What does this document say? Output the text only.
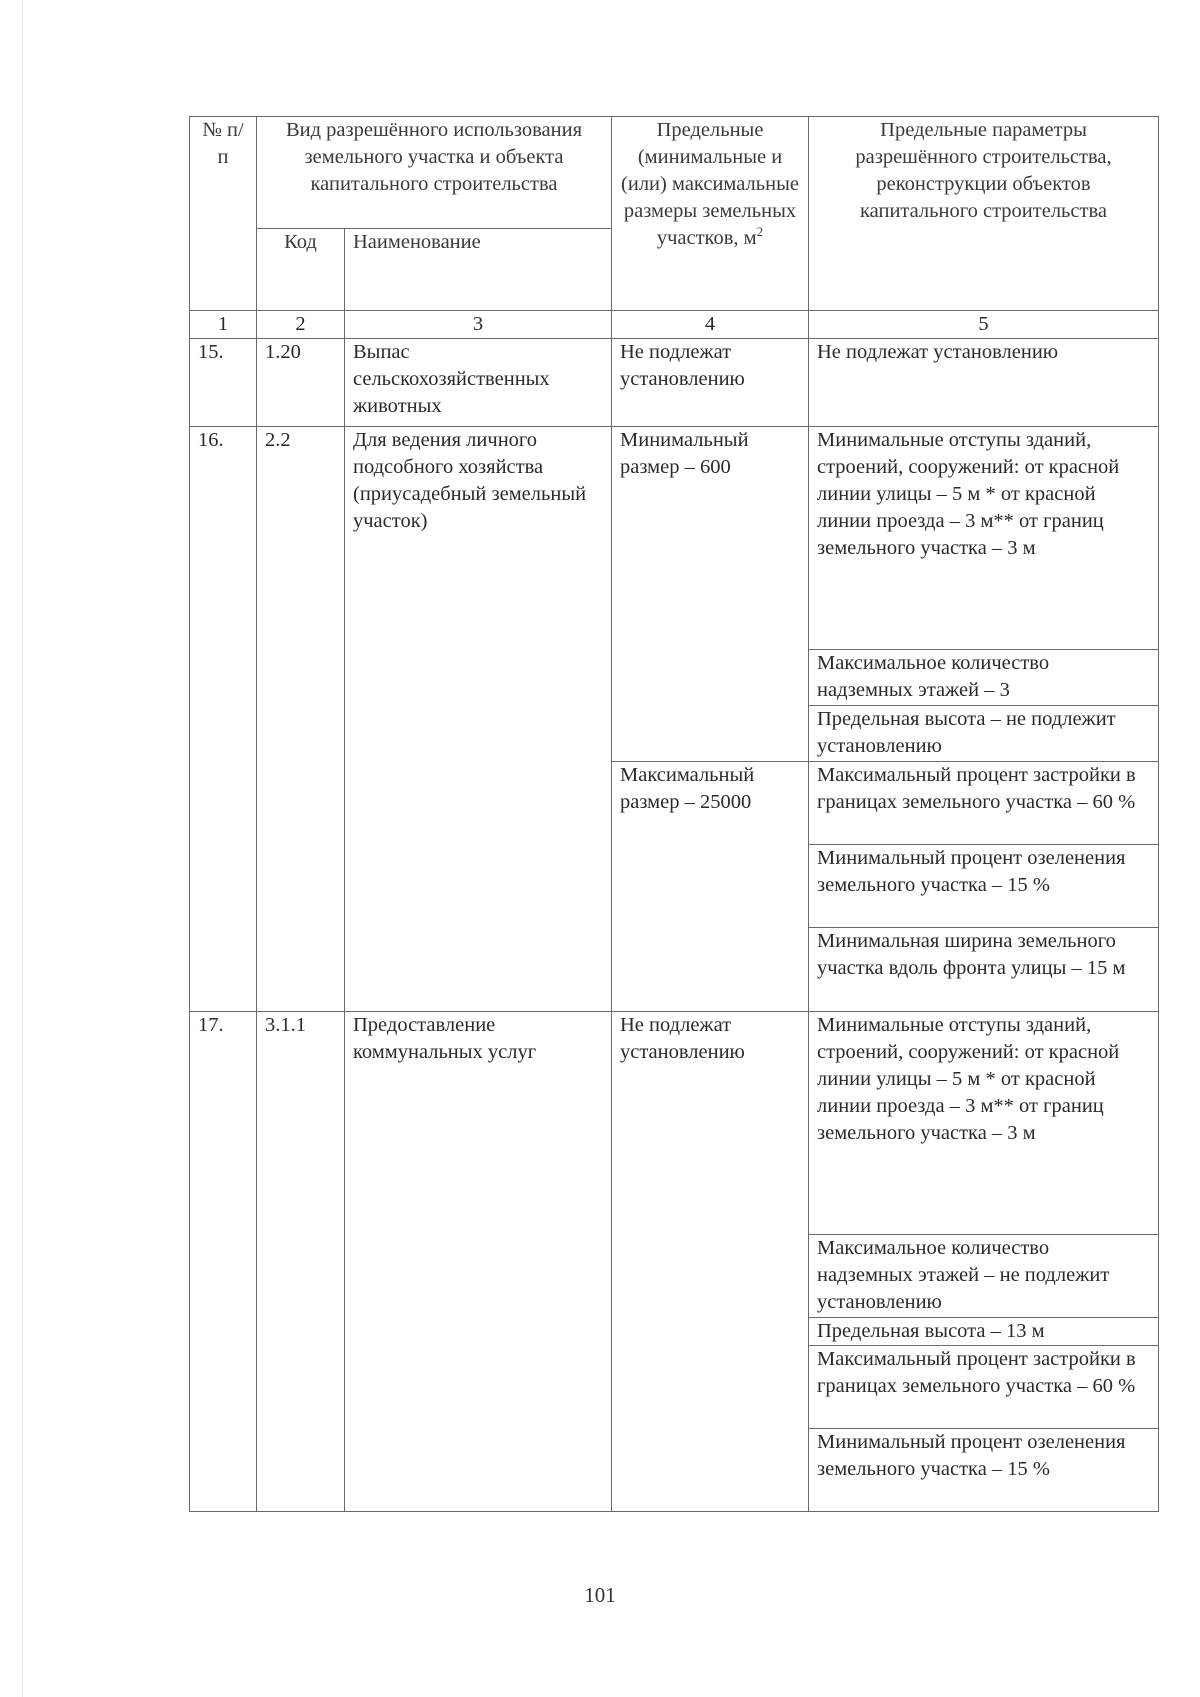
№ п/п	Вид разрешённого использования земельного участка и объекта капитального строительства		Предельные (минимальные и (или) максимальные размеры земельных участков, $м^2$	Предельные параметры разрешённого строительства, реконструкции объектов капитального строительства
	Код	Наименование		
1	2	3	4	5
15.	1.20	Выпас сельскохозяйственных животных	Не подлежат установлению	Не подлежат установлению
16.	2.2	Для ведения личного подсобного хозяйства (приусадебный земельный участок)	Минимальный размер – 600	Минимальные отступы зданий, строений, сооружений: от красной линии улицы – 5 м * от красной линии проезда – 3 м** от границ земельного участка – 3 м
				Максимальное количество надземных этажей – 3
				Предельная высота – не подлежит установлению
			Максимальный размер – 25000	Максимальный процент застройки в границах земельного участка – 60 %
				Минимальный процент озеленения земельного участка – 15 %
				Минимальная ширина земельного участка вдоль фронта улицы – 15 м
17.	3.1.1	Предоставление коммунальных услуг	Не подлежат установлению	Минимальные отступы зданий, строений, сооружений: от красной линии улицы – 5 м * от красной линии проезда – 3 м** от границ земельного участка – 3 м
				Максимальное количество надземных этажей – не подлежит установлению
				Предельная высота – 13 м
				Максимальный процент застройки в границах земельного участка – 60 %
				Минимальный процент озеленения земельного участка – 15 %
101
